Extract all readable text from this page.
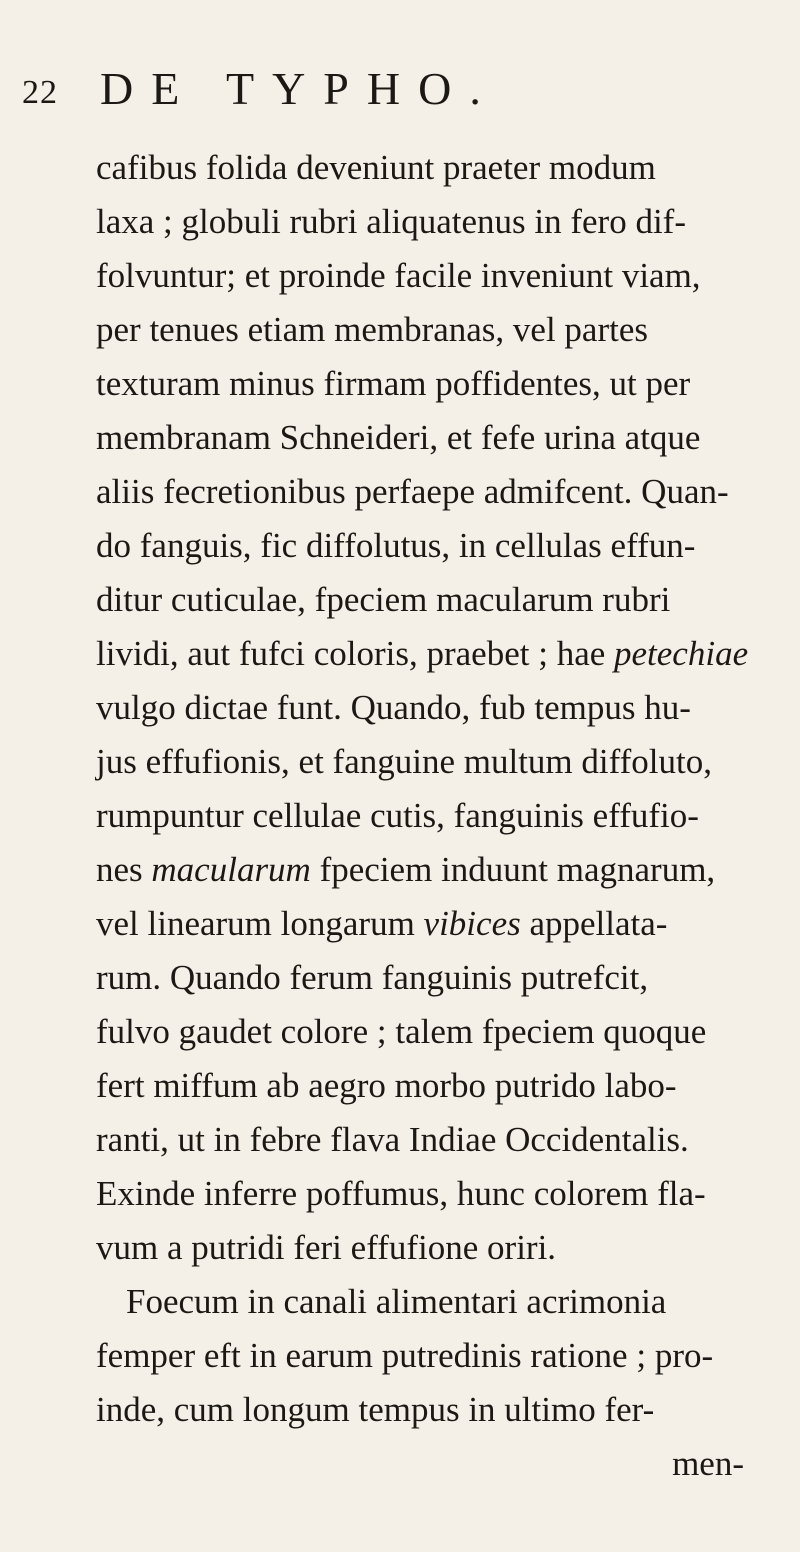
22 DE TYPHO.
cafibus folida deveniunt praeter modum
laxa ; globuli rubri aliquatenus in fero dif-
folvuntur; et proinde facile inveniunt viam,
per tenues etiam membranas, vel partes
texturam minus firmam poffidentes, ut per
membranam Schneideri, et fefe urina atque
aliis fecretionibus perfaepe admifcent. Quan-
do fanguis, fic diffolutus, in cellulas effun-
ditur cuticulae, fpeciem macularum rubri
lividi, aut fufci coloris, praebet ; hae petechiae
vulgo dictae funt. Quando, fub tempus hu-
jus effufionis, et fanguine multum diffoluto,
rumpuntur cellulae cutis, fanguinis effufio-
nes macularum fpeciem induunt magnarum,
vel linearum longarum vibices appellata-
rum. Quando ferum fanguinis putrefcit,
fulvo gaudet colore ; talem fpeciem quoque
fert miffum ab aegro morbo putrido labo-
ranti, ut in febre flava Indiae Occidentalis.
Exinde inferre poffumus, hunc colorem fla-
vum a putridi feri effufione oriri.
Foecum in canali alimentari acrimonia
femper eft in earum putredinis ratione ; pro-
inde, cum longum tempus in ultimo fer-
men-
